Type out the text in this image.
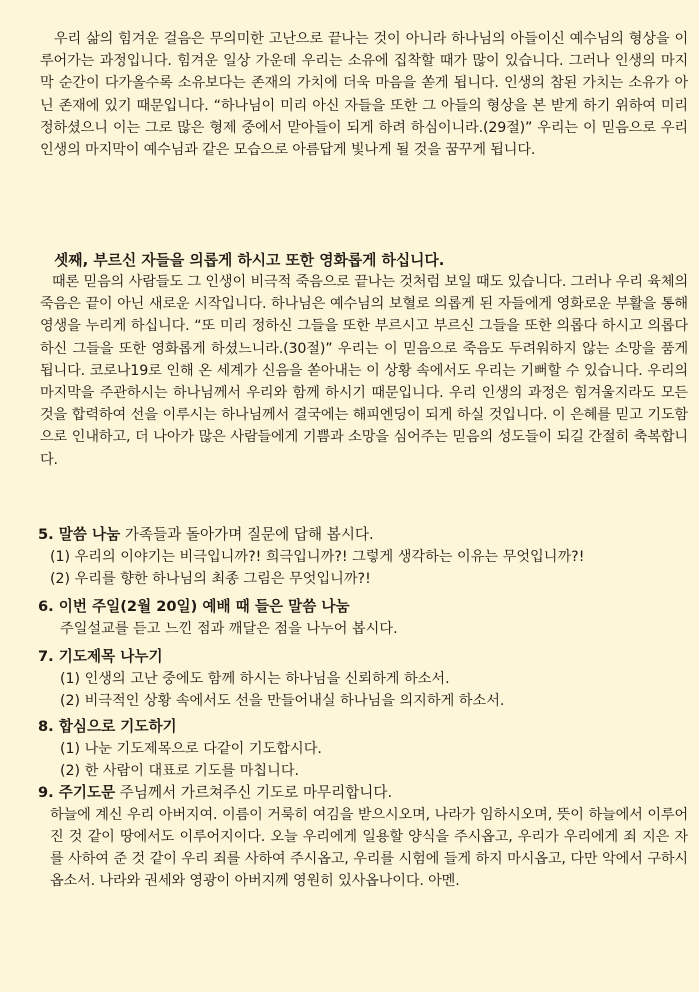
우리 삶의 힘겨운 걸음은 무의미한 고난으로 끝나는 것이 아니라 하나님의 아들이신 예수님의 형상을 이루어가는 과정입니다. 힘겨운 일상 가운데 우리는 소유에 집착할 때가 많이 있습니다. 그러나 인생의 마지막 순간이 다가올수록 소유보다는 존재의 가치에 더욱 마음을 쏟게 됩니다. 인생의 참된 가치는 소유가 아닌 존재에 있기 때문입니다. “하나님이 미리 아신 자들을 또한 그 아들의 형상을 본 받게 하기 위하여 미리 정하셨으니 이는 그로 많은 형제 중에서 맏아들이 되게 하려 하심이니라.(29절)” 우리는 이 믿음으로 우리 인생의 마지막이 예수님과 같은 모습으로 아름답게 빛나게 될 것을 꿈꾸게 됩니다.

셋째, 부르신 자들을 의롭게 하시고 또한 영화롭게 하십니다.

때론 믿음의 사람들도 그 인생이 비극적 죽음으로 끝나는 것처럼 보일 때도 있습니다. 그러나 우리 육체의 죽음은 끝이 아닌 새로운 시작입니다. 하나님은 예수님의 보혈로 의롭게 된 자들에게 영화로운 부활을 통해 영생을 누리게 하십니다. “또 미리 정하신 그들을 또한 부르시고 부르신 그들을 또한 의롭다 하시고 의롭다 하신 그들을 또한 영화롭게 하셨느니라.(30절)” 우리는 이 믿음으로 죽음도 두려워하지 않는 소망을 품게 됩니다. 코로나19로 인해 온 세계가 신음을 쏟아내는 이 상황 속에서도 우리는 기뻐할 수 있습니다. 우리의 마지막을 주관하시는 하나님께서 우리와 함께 하시기 때문입니다. 우리 인생의 과정은 힘겨울지라도 모든 것을 합력하여 선을 이루시는 하나님께서 결국에는 해피엔딩이 되게 하실 것입니다. 이 은혜를 믿고 기도함으로 인내하고, 더 나아가 많은 사람들에게 기쁨과 소망을 심어주는 믿음의 성도들이 되길 간절히 축복합니다.

5. 말씀 나눔 가족들과 돌아가며 질문에 답해 봅시다.
(1) 우리의 이야기는 비극입니까?! 희극입니까?! 그렇게 생각하는 이유는 무엇입니까?!
(2) 우리를 향한 하나님의 최종 그림은 무엇입니까?!
6. 이번 주일(2월 20일) 예배 때 들은 말씀 나눔
주일설교를 듣고 느낀 점과 깨달은 점을 나누어 봅시다.
7. 기도제목 나누기
(1) 인생의 고난 중에도 함께 하시는 하나님을 신뢰하게 하소서.
(2) 비극적인 상황 속에서도 선을 만들어내실 하나님을 의지하게 하소서.
8. 합심으로 기도하기
(1) 나눈 기도제목으로 다같이 기도합시다.
(2) 한 사람이 대표로 기도를 마칩니다.
9. 주기도문 주님께서 가르쳐주신 기도로 마무리합니다.

하늘에 계신 우리 아버지여. 이름이 거룩히 여김을 받으시오며, 나라가 임하시오며, 뜻이 하늘에서 이루어진 것 같이 땅에서도 이루어지이다. 오늘 우리에게 일용할 양식을 주시옵고, 우리가 우리에게 죄 지은 자를 사하여 준 것 같이 우리 죄를 사하여 주시옵고, 우리를 시험에 들게 하지 마시옵고, 다만 악에서 구하시옵소서. 나라와 권세와 영광이 아버지께 영원히 있사옵나이다. 아멘.
